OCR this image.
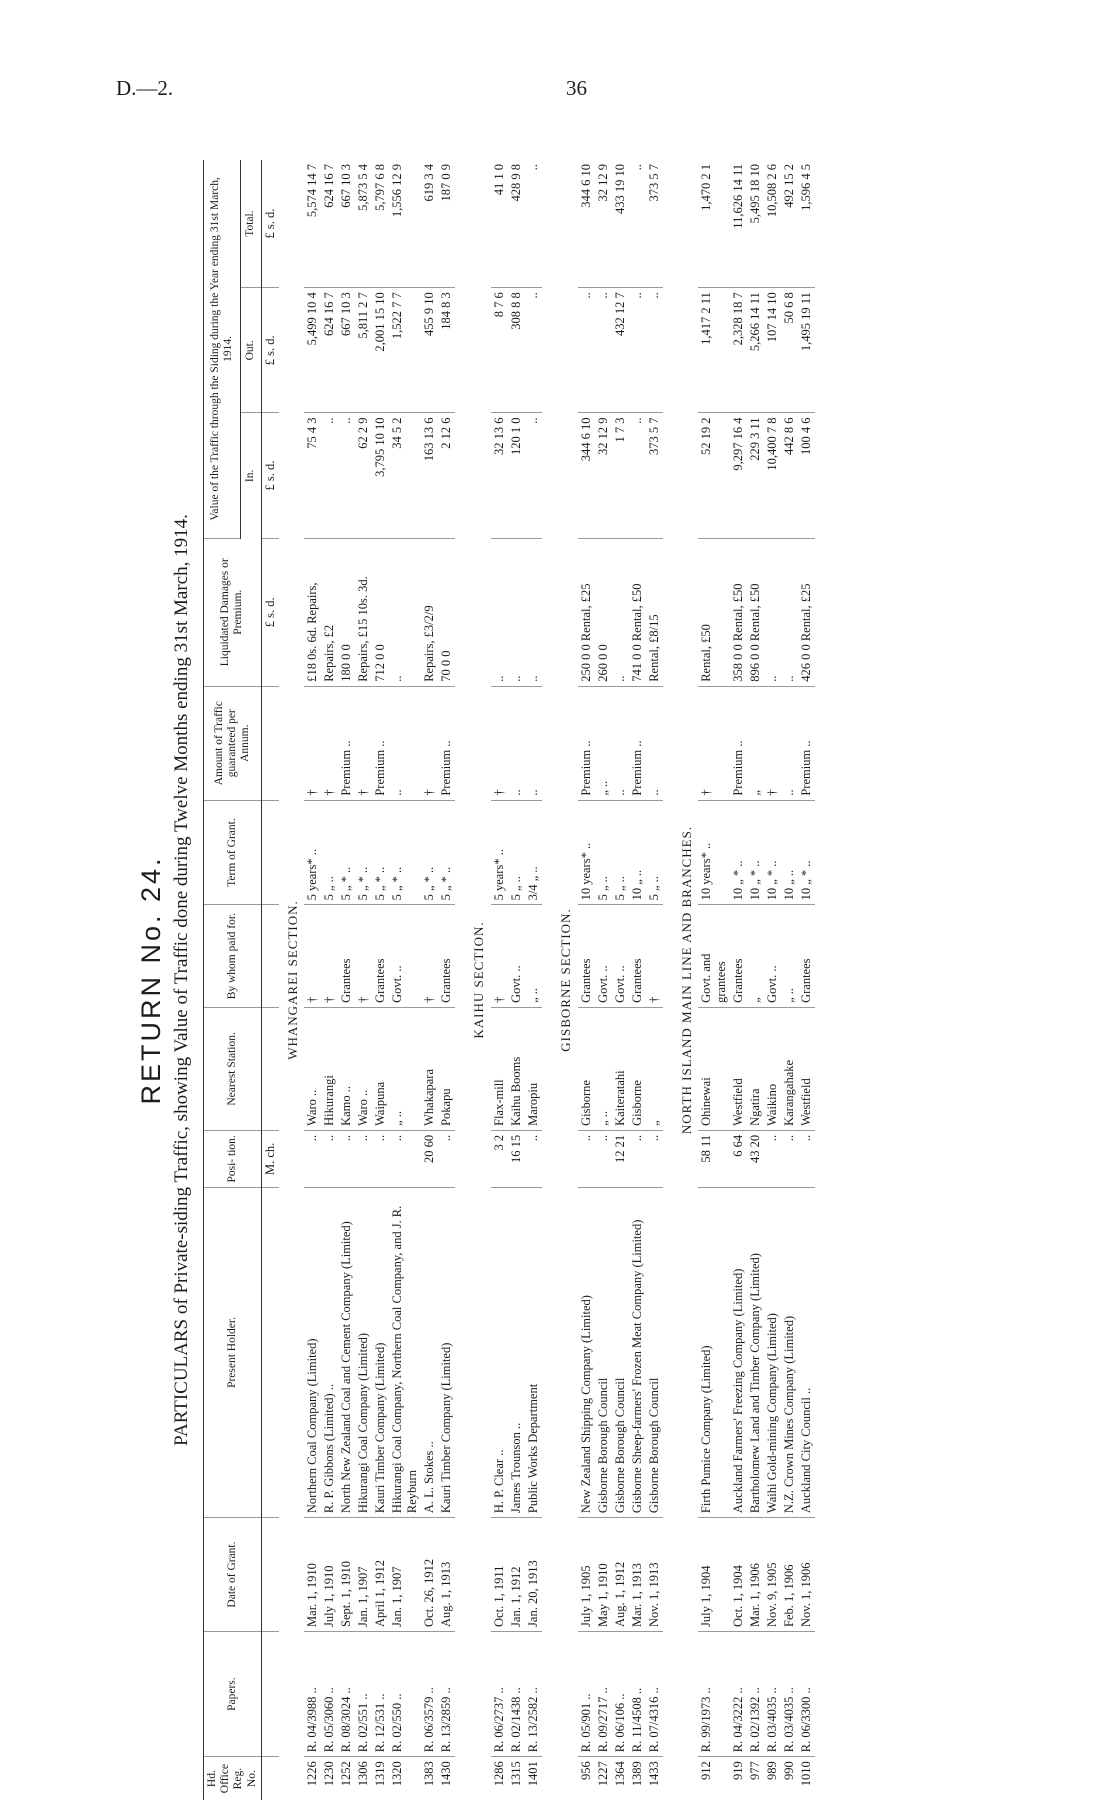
D.—2.	36
RETURN No. 24. PARTICULARS of Private-siding Traffic, showing Value of Traffic done during Twelve Months ending 31st March, 1914.
Hd. Office Reg. No.	Papers.	Date of Grant.	Present Holder.	Posi- tion.	Nearest Station.	By whom paid for.	Term of Grant.	Amount of Traffic guaranteed per Annum.	Liquidated Damages or Premium.	Value of the Traffic through the Siding during the Year ending 31st March, 1914.		
										In.	Out.	Total.
				M. ch.					£ s. d.	£ s. d.	£ s. d.	£ s. d.
WHANGAREI SECTION.												
1226	R. 04/3988 ..	Mar. 1, 1910	Northern Coal Company (Limited)	..	Waro ..	†	5 years* ..	†	£18 0s. 6d. Repairs,	75 4 3	5,499 10 4	5,574 14 7
1230	R. 05/3060 ..	July 1, 1910	R. P. Gibbons (Limited) ..	..	Hikurangi	†	5 „ ..	†	Repairs, £2	..	624 16 7	624 16 7
1252	R. 08/3024 ..	Sept. 1, 1910	North New Zealand Coal and Cement Company (Limited)	..	Kamo ..	Grantees	5 „ * ..	Premium ..	180 0 0	..	667 10 3	667 10 3
1306	R. 02/551 ..	Jan. 1, 1907	Hikurangi Coal Company (Limited)	..	Waro ..	†	5 „ * ..	†	Repairs, £15 10s. 3d.	62 2 9	5,811 2 7	5,873 5 4
1319	R. 12/531 ..	April 1, 1912	Kauri Timber Company (Limited)	..	Waipuna	Grantees	5 „ * ..	Premium ..	712 0 0	3,795 10 10	2,001 15 10	5,797 6 8
1320	R. 02/550 ..	Jan. 1, 1907	Hikurangi Coal Company, Northern Coal Company, and J. R. Reyburn	..	„ ..	Govt. ..	5 „ * ..	..	..	34 5 2	1,522 7 7	1,556 12 9
1383	R. 06/3579 ..	Oct. 26, 1912	A. L. Stokes ..	20 60	Whakapara	†	5 „ * ..	†	Repairs, £3/2/9	163 13 6	455 9 10	619 3 4
1430	R. 13/2859 ..	Aug. 1, 1913	Kauri Timber Company (Limited)	..	Pokapu	Grantees	5 „ * ..	Premium ..	70 0 0	2 12 6	184 8 3	187 0 9

KAIHU SECTION.												
1286	R. 06/2737 ..	Oct. 1, 1911	H. P. Clear ..	3 2	Flax-mill	†	5 years* ..	†	..	32 13 6	8 7 6	41 1 0
1315	R. 02/1438 ..	Jan. 1, 1912	James Trounson ..	16 15	Kaihu Booms	Govt. ..	5 „ ..	..	..	120 1 0	308 8 8	428 9 8
1401	R. 13/2582 ..	Jan. 20, 1913	Public Works Department	..	Maropiu	„ ..	3/4 „ ..	..	..	..	..	..

GISBORNE SECTION.												
956	R. 05/901 ..	July 1, 1905	New Zealand Shipping Company (Limited)	..	Gisborne	Grantees	10 years* ..	Premium ..	250 0 0 Rental, £25	344 6 10	..	344 6 10
1227	R. 09/2717 ..	May 1, 1910	Gisborne Borough Council	..	„ ..	Govt. ..	5 „ ..	„ ..	260 0 0	32 12 9	..	32 12 9
1364	R. 06/106 ..	Aug. 1, 1912	Gisborne Borough Council	12 21	Kaiteratahi	Govt. ..	5 „ ..	..	..	1 7 3	432 12 7	433 19 10
1389	R. 11/4508 ..	Mar. 1, 1913	Gisborne Sheep-farmers' Frozen Meat Company (Limited)	..	Gisborne	Grantees	10 „ ..	Premium ..	741 0 0 Rental, £50	..	..	..
1433	R. 07/4316 ..	Nov. 1, 1913	Gisborne Borough Council	..	„	†	5 „ ..	..	Rental, £8/15	373 5 7	..	373 5 7

NORTH ISLAND MAIN LINE AND BRANCHES.												
912	R. 99/1973 ..	July 1, 1904	Firth Pumice Company (Limited)	58 11	Ohinewai	Govt. and grantees	10 years* ..	†	Rental, £50	52 19 2	1,417 2 11	1,470 2 1
919	R. 04/3222 ..	Oct. 1, 1904	Auckland Farmers' Freezing Company (Limited)	6 64	Westfield	Grantees	10 „ * ..	Premium ..	358 0 0 Rental, £50	9,297 16 4	2,328 18 7	11,626 14 11
977	R. 02/1392 ..	Mar. 1, 1906	Bartholomew Land and Timber Company (Limited)	43 20	Ngatira	„	10 „ * ..	„	896 0 0 Rental, £50	229 3 11	5,266 14 11	5,495 18 10
989	R. 03/4035 ..	Nov. 9, 1905	Waihi Gold-mining Company (Limited)	..	Waikino	Govt. ..	10 „ * ..	†	..	10,400 7 8	107 14 10	10,508 2 6
990	R. 03/4035 ..	Feb. 1, 1906	N.Z. Crown Mines Company (Limited)	..	Karangahake	„ ..	10 „ ..	..	..	442 8 6	50 6 8	492 15 2
1010	R. 06/3300 ..	Nov. 1, 1906	Auckland City Council ..	..	Westfield	Grantees	10 „ * ..	Premium ..	426 0 0 Rental, £25	100 4 6	1,495 19 11	1,596 4 5
